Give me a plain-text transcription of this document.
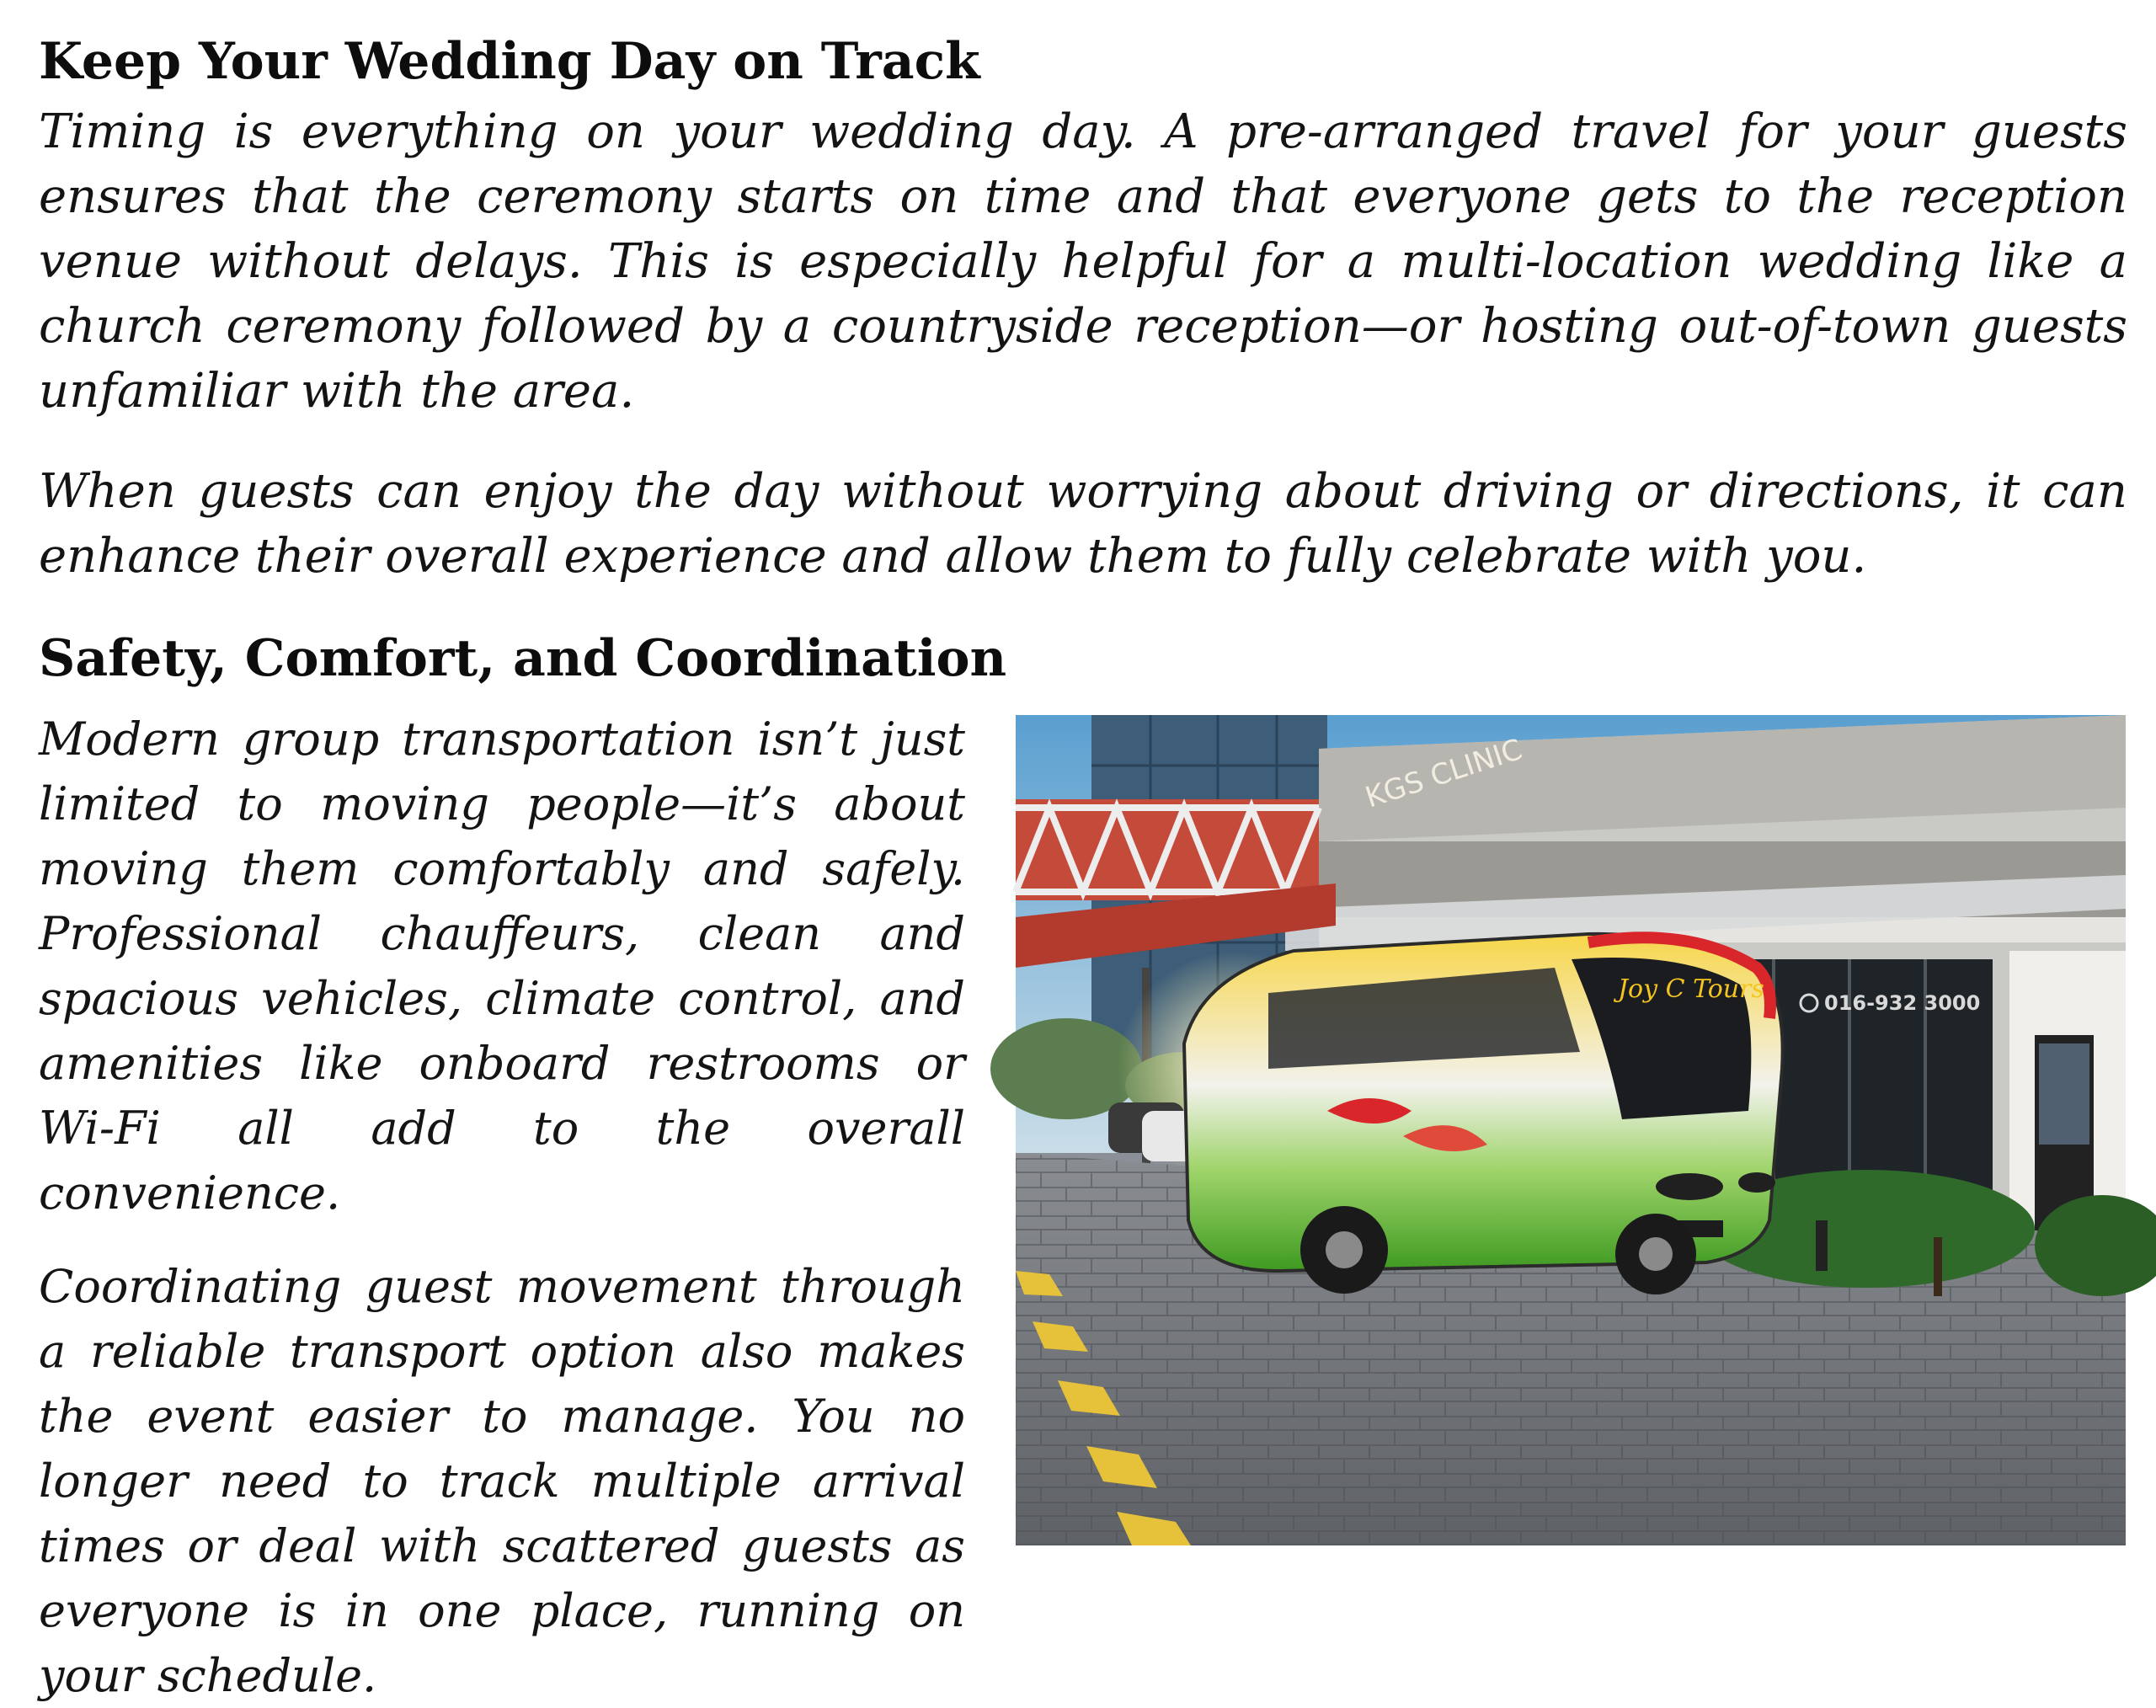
Keep Your Wedding Day on Track

Timing is everything on your wedding day. A pre-arranged travel for your guests ensures that the ceremony starts on time and that everyone gets to the reception venue without delays. This is especially helpful for a multi-location wedding like a church ceremony followed by a countryside reception—or hosting out-of-town guests unfamiliar with the area.

When guests can enjoy the day without worrying about driving or directions, it can enhance their overall experience and allow them to fully celebrate with you.

Safety, Comfort, and Coordination

Modern group transportation isn’t just limited to moving people—it’s about moving them comfortably and safely. Professional chauffeurs, clean and spacious vehicles, climate control, and amenities like onboard restrooms or Wi-Fi all add to the overall convenience.

Coordinating guest movement through a reliable transport option also makes the event easier to manage. You no longer need to track multiple arrival times or deal with scattered guests as everyone is in one place, running on your schedule.

KGS CLINIC
016-932 3000
Joy C Tours
